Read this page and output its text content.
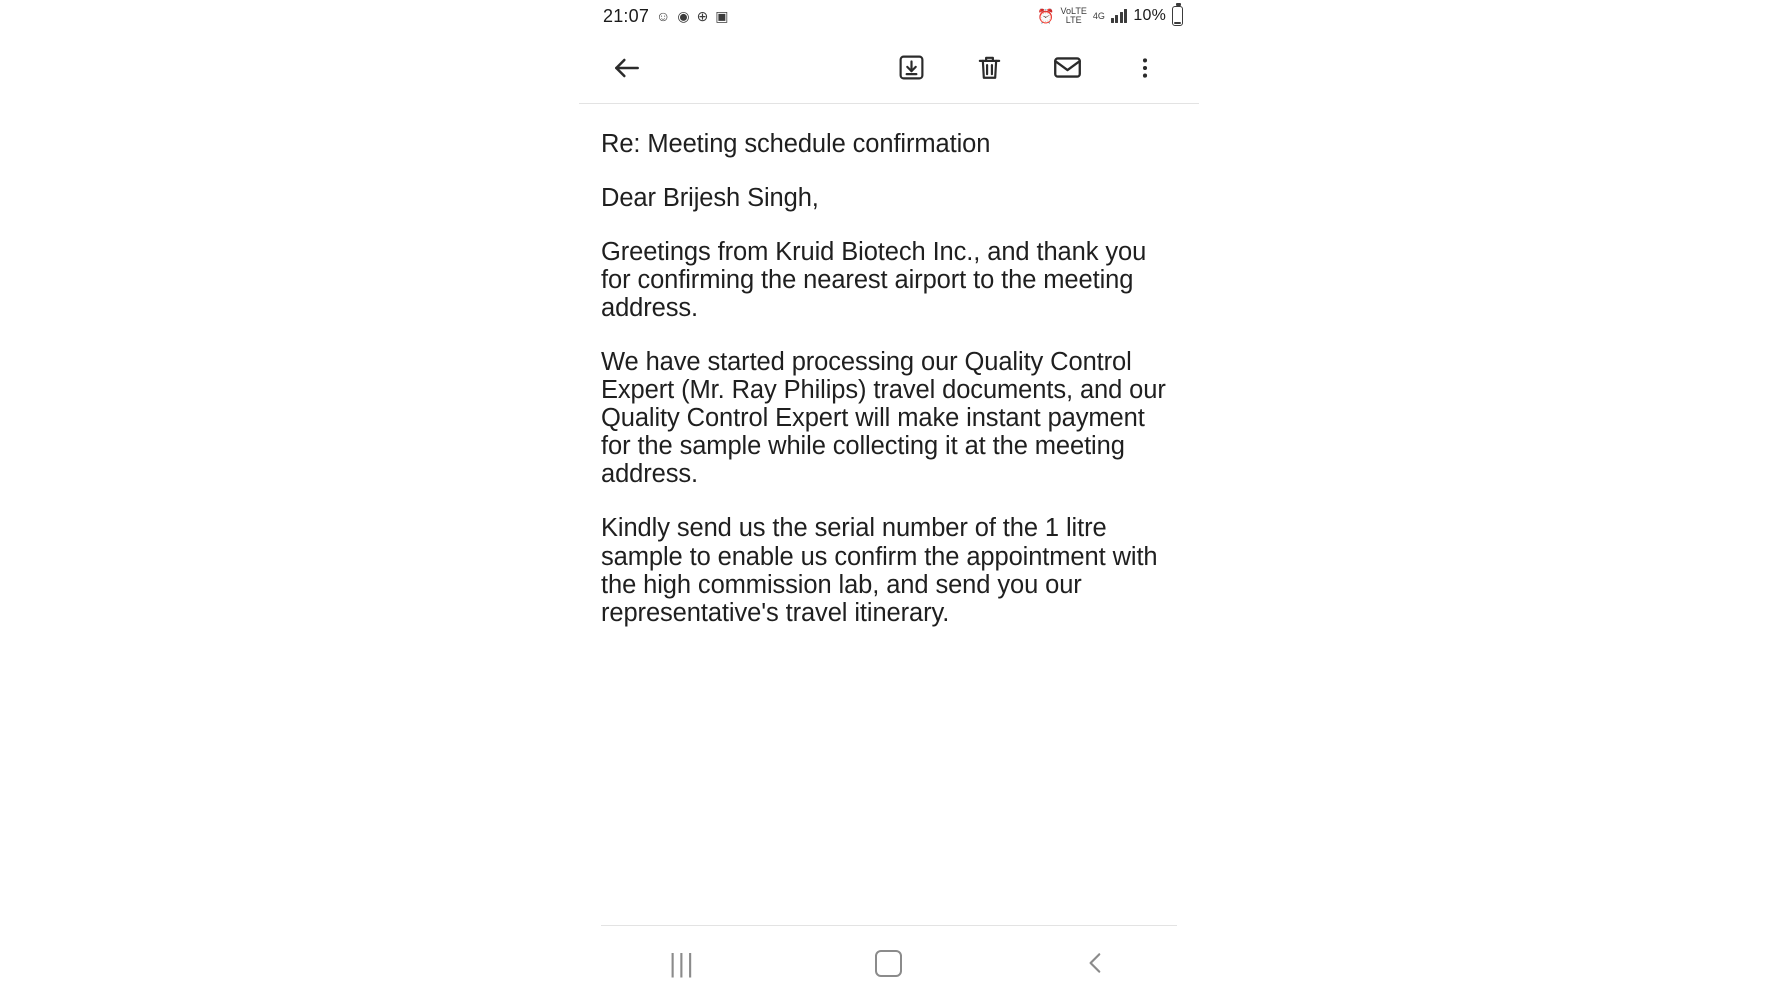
21:07 ☺ ◉ ⊕ ▣	⏰ VoLTE
LTE	4G 10%

Re: Meeting schedule confirmation

Dear Brijesh Singh,

Greetings from Kruid Biotech Inc., and thank you for confirming the nearest airport to the meeting address.

We have started processing our Quality Control Expert (Mr. Ray Philips) travel documents, and our Quality Control Expert will make instant payment for the sample while collecting it at the meeting address.

Kindly send us the serial number of the 1 litre sample to enable us confirm the appointment with the high commission lab, and send you our representative's travel itinerary.

|||
